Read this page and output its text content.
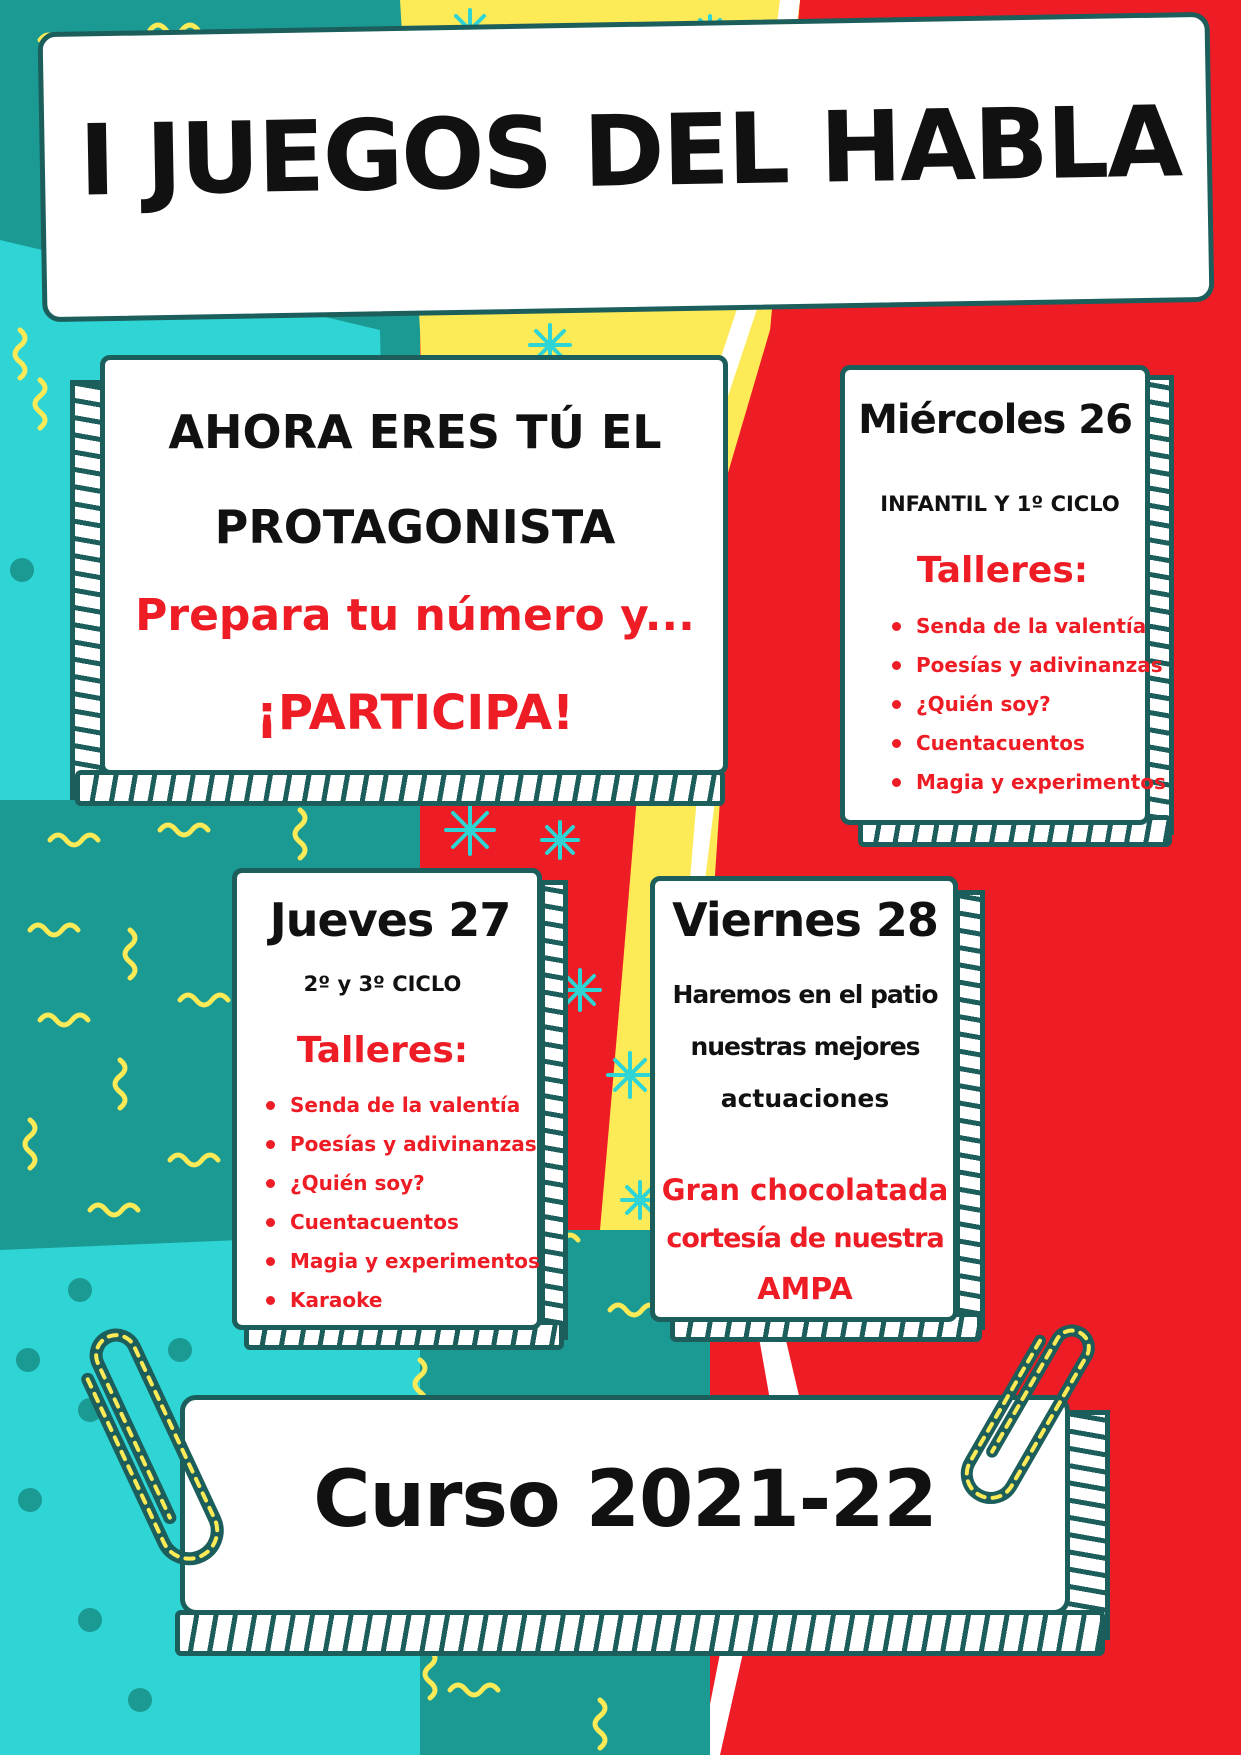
I JUEGOS DEL HABLA
AHORA ERES TÚ EL
PROTAGONISTA
Prepara tu número y...
¡PARTICIPA!
Miércoles 26
INFANTIL Y 1º CICLO
Talleres:
Senda de la valentía
Poesías y adivinanzas
¿Quién soy?
Cuentacuentos
Magia y experimentos
Jueves 27
2º y 3º CICLO
Talleres:
Senda de la valentía
Poesías y adivinanzas
¿Quién soy?
Cuentacuentos
Magia y experimentos
Karaoke
Viernes 28
Haremos en el patio
nuestras mejores
actuaciones
Gran chocolatada
cortesía de nuestra
AMPA
Curso 2021-22
